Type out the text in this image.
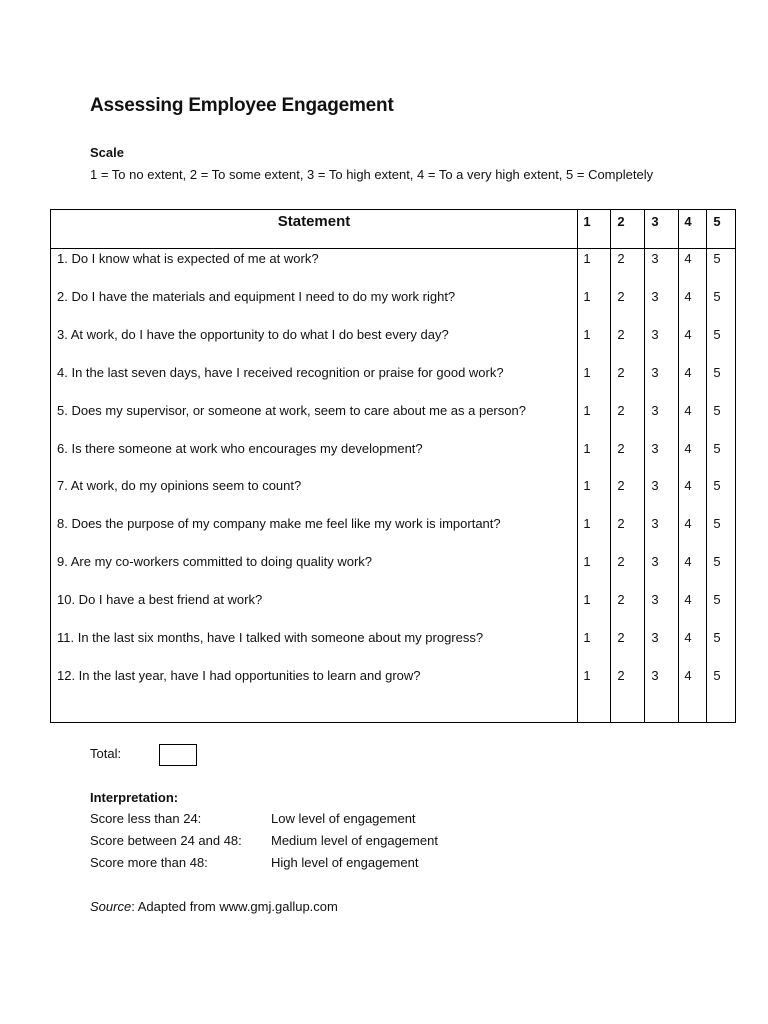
Assessing Employee Engagement
Scale
1 = To no extent, 2 = To some extent, 3 = To high extent, 4 = To a very high extent, 5 = Completely
Statement	1	2	3	4	5
1. Do I know what is expected of me at work?	1	2	3	4	5
2. Do I have the materials and equipment I need to do my work right?	1	2	3	4	5
3. At work, do I have the opportunity to do what I do best every day?	1	2	3	4	5
4. In the last seven days, have I received recognition or praise for good work?	1	2	3	4	5
5. Does my supervisor, or someone at work, seem to care about me as a person?	1	2	3	4	5
6. Is there someone at work who encourages my development?	1	2	3	4	5
7. At work, do my opinions seem to count?	1	2	3	4	5
8. Does the purpose of my company make me feel like my work is important?	1	2	3	4	5
9. Are my co-workers committed to doing quality work?	1	2	3	4	5
10. Do I have a best friend at work?	1	2	3	4	5
11. In the last six months, have I talked with someone about my progress?	1	2	3	4	5
12. In the last year, have I had opportunities to learn and grow?	1	2	3	4	5
Total:
Interpretation:
Score less than 24:	Low level of engagement
Score between 24 and 48: Medium level of engagement
Score more than 48:	High level of engagement
Source: Adapted from www.gmj.gallup.com
